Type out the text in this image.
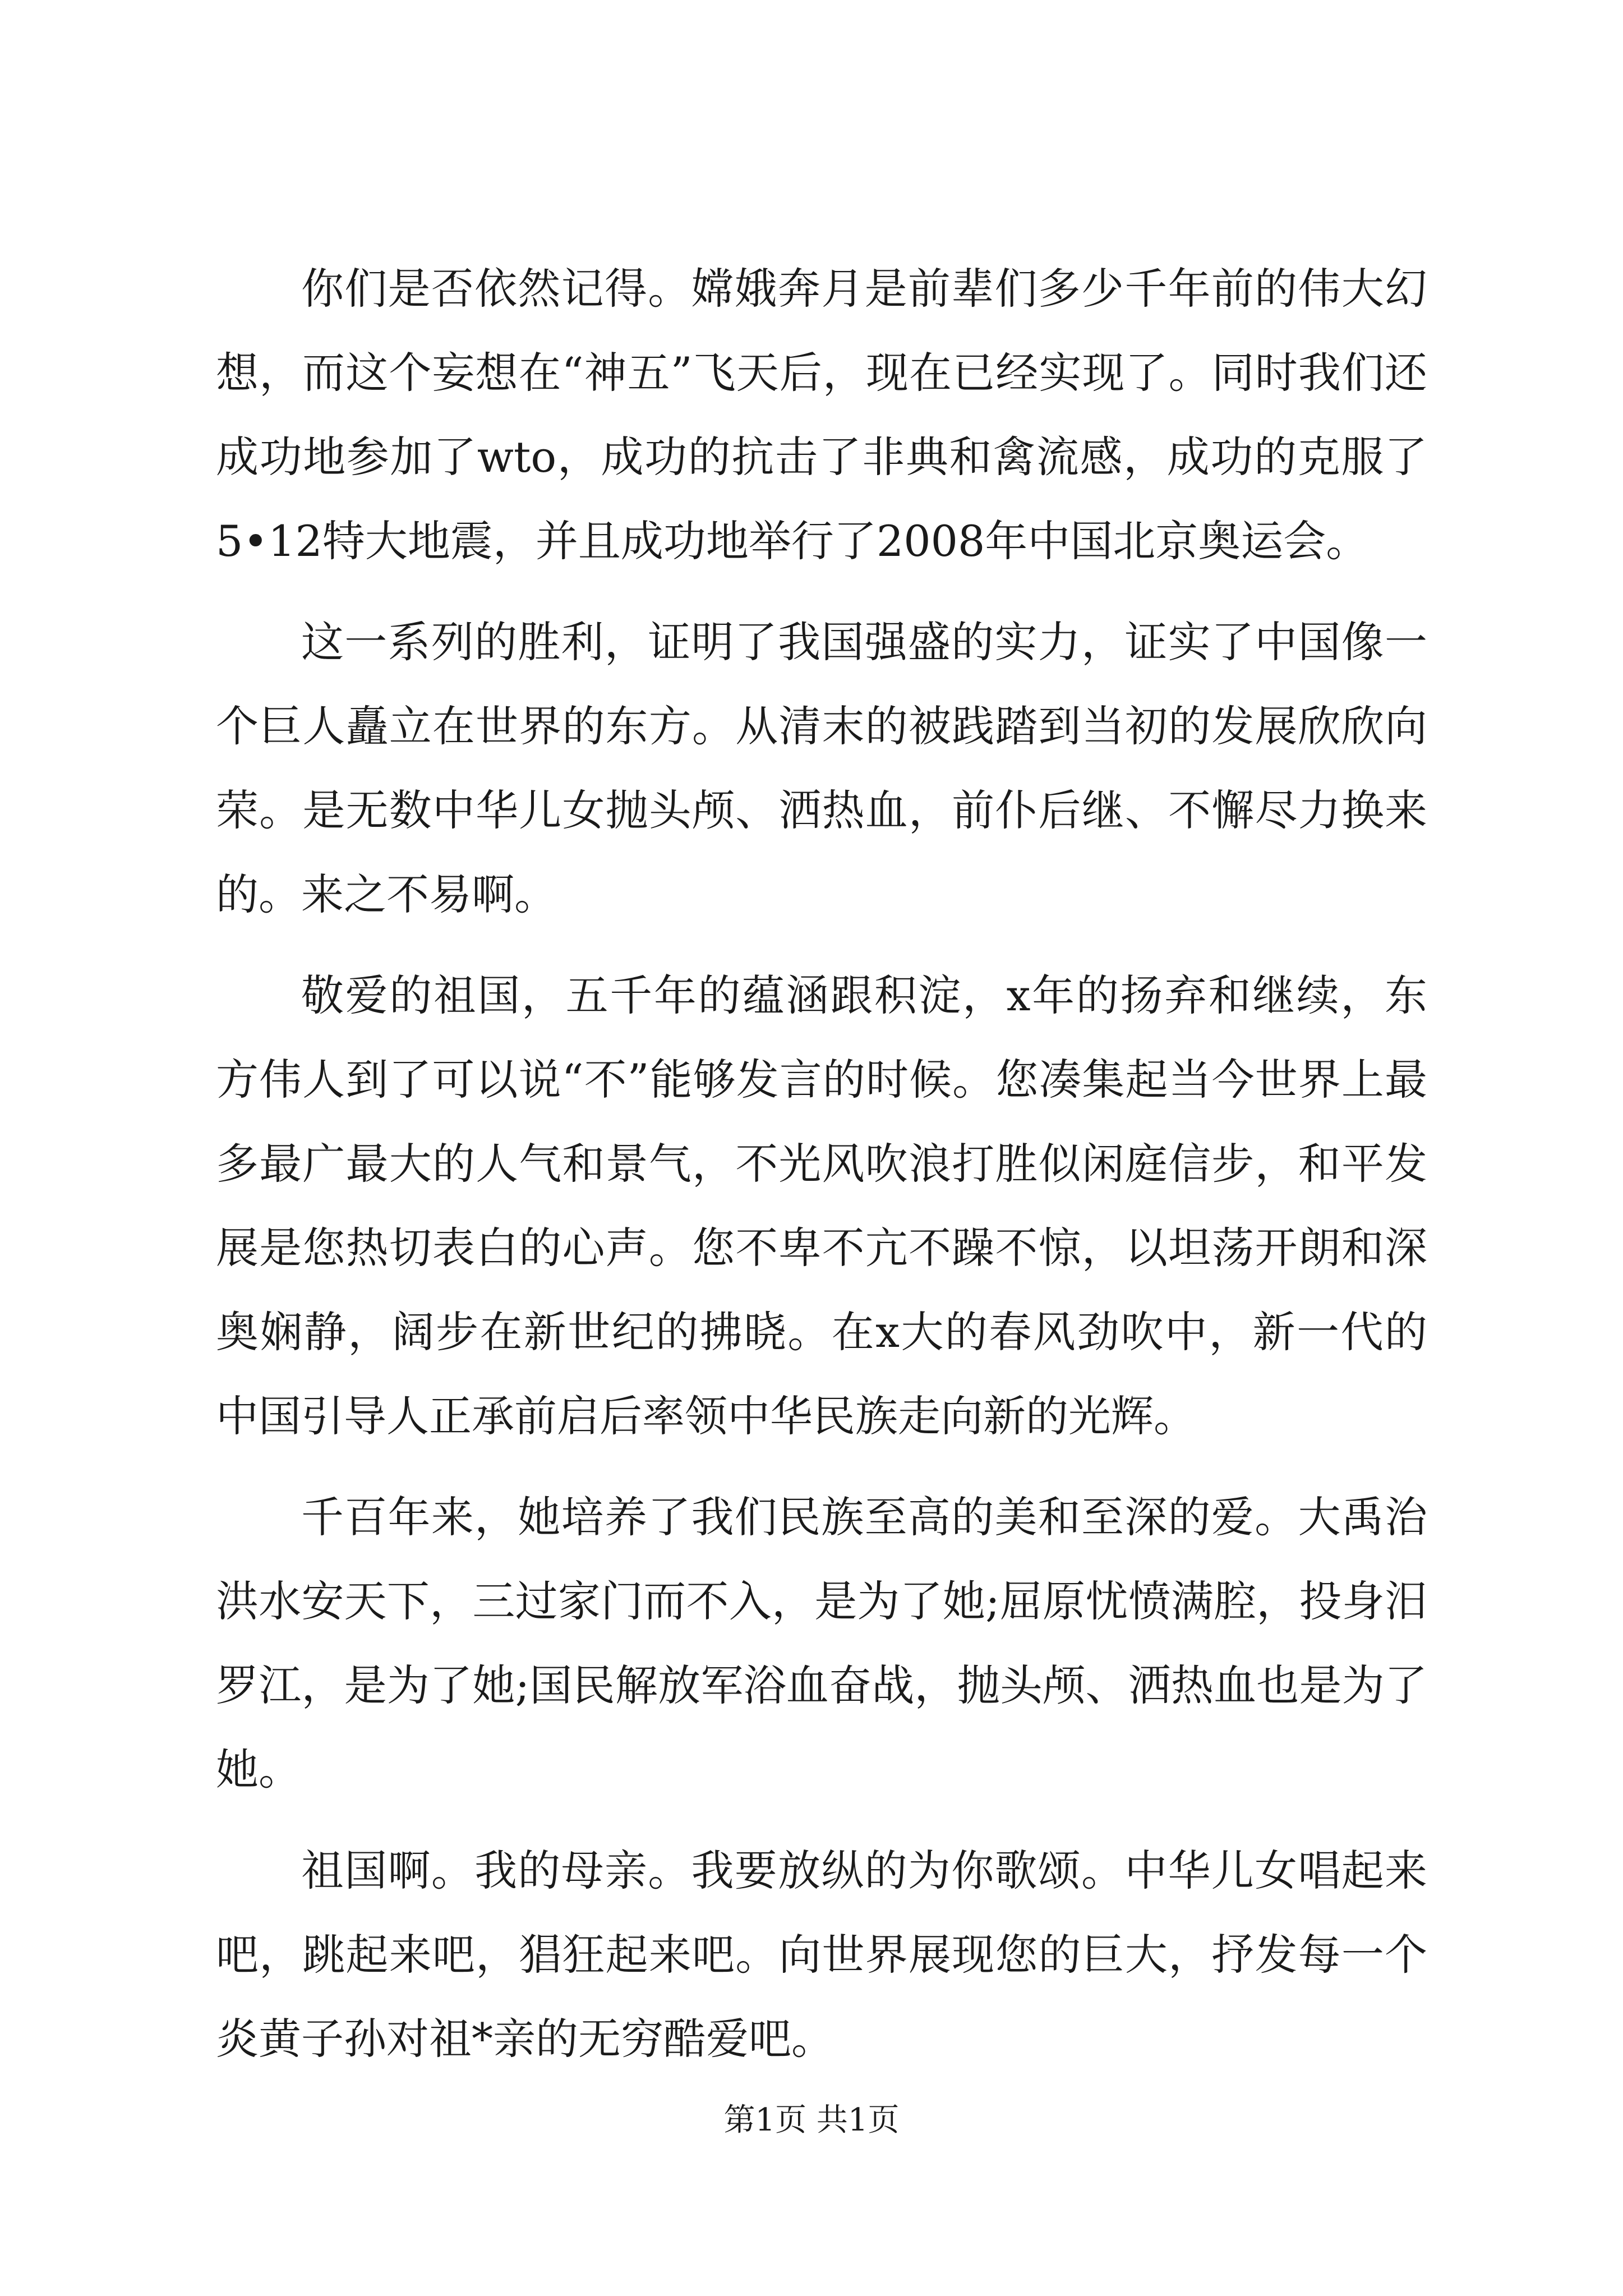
你们是否依然记得。嫦娥奔月是前辈们多少千年前的伟大幻想，而这个妄想在“神五”飞天后，现在已经实现了。同时我们还成功地参加了wto，成功的抗击了非典和禽流感，成功的克服了5•12特大地震，并且成功地举行了2008年中国北京奥运会。

这一系列的胜利，证明了我国强盛的实力，证实了中国像一个巨人矗立在世界的东方。从清末的被践踏到当初的发展欣欣向荣。是无数中华儿女抛头颅、洒热血，前仆后继、不懈尽力换来的。来之不易啊。

敬爱的祖国，五千年的蕴涵跟积淀，x年的扬弃和继续，东方伟人到了可以说“不”能够发言的时候。您凑集起当今世界上最多最广最大的人气和景气，不光风吹浪打胜似闲庭信步，和平发展是您热切表白的心声。您不卑不亢不躁不惊，以坦荡开朗和深奥娴静，阔步在新世纪的拂晓。在x大的春风劲吹中，新一代的中国引导人正承前启后率领中华民族走向新的光辉。

千百年来，她培养了我们民族至高的美和至深的爱。大禹治洪水安天下，三过家门而不入，是为了她;屈原忧愤满腔，投身汨罗江，是为了她;国民解放军浴血奋战，抛头颅、洒热血也是为了她。

祖国啊。我的母亲。我要放纵的为你歌颂。中华儿女唱起来吧，跳起来吧，猖狂起来吧。向世界展现您的巨大，抒发每一个炎黄子孙对祖*亲的无穷酷爱吧。

第1页 共1页
